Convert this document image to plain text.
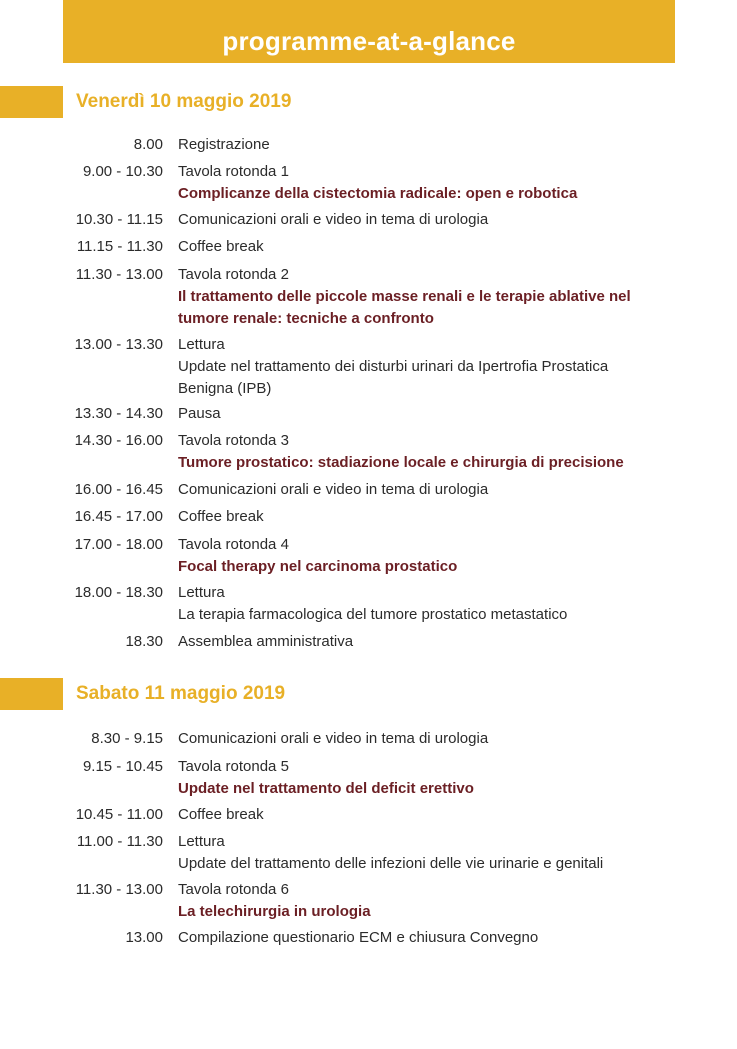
programme-at-a-glance
Venerdì 10 maggio 2019
8.00 Registrazione
9.00 - 10.30 Tavola rotonda 1
Complicanze della cistectomia radicale: open e robotica
10.30 - 11.15 Comunicazioni orali e video in tema di urologia
11.15 - 11.30 Coffee break
11.30 - 13.00 Tavola rotonda 2
Il trattamento delle piccole masse renali e le terapie ablative nel
tumore renale: tecniche a confronto
13.00 - 13.30 Lettura
Update nel trattamento dei disturbi urinari da Ipertrofia Prostatica
Benigna (IPB)
13.30 - 14.30 Pausa
14.30 - 16.00 Tavola rotonda 3
Tumore prostatico: stadiazione locale e chirurgia di precisione
16.00 - 16.45 Comunicazioni orali e video in tema di urologia
16.45 - 17.00 Coffee break
17.00 - 18.00 Tavola rotonda 4
Focal therapy nel carcinoma prostatico
18.00 - 18.30 Lettura
La terapia farmacologica del tumore prostatico metastatico
18.30 Assemblea amministrativa
Sabato 11 maggio 2019
8.30 - 9.15 Comunicazioni orali e video in tema di urologia
9.15 - 10.45 Tavola rotonda 5
Update nel trattamento del deficit erettivo
10.45 - 11.00 Coffee break
11.00 - 11.30 Lettura
Update del trattamento delle infezioni delle vie urinarie e genitali
11.30 - 13.00 Tavola rotonda 6
La telechirurgia in urologia
13.00 Compilazione questionario ECM e chiusura Convegno
